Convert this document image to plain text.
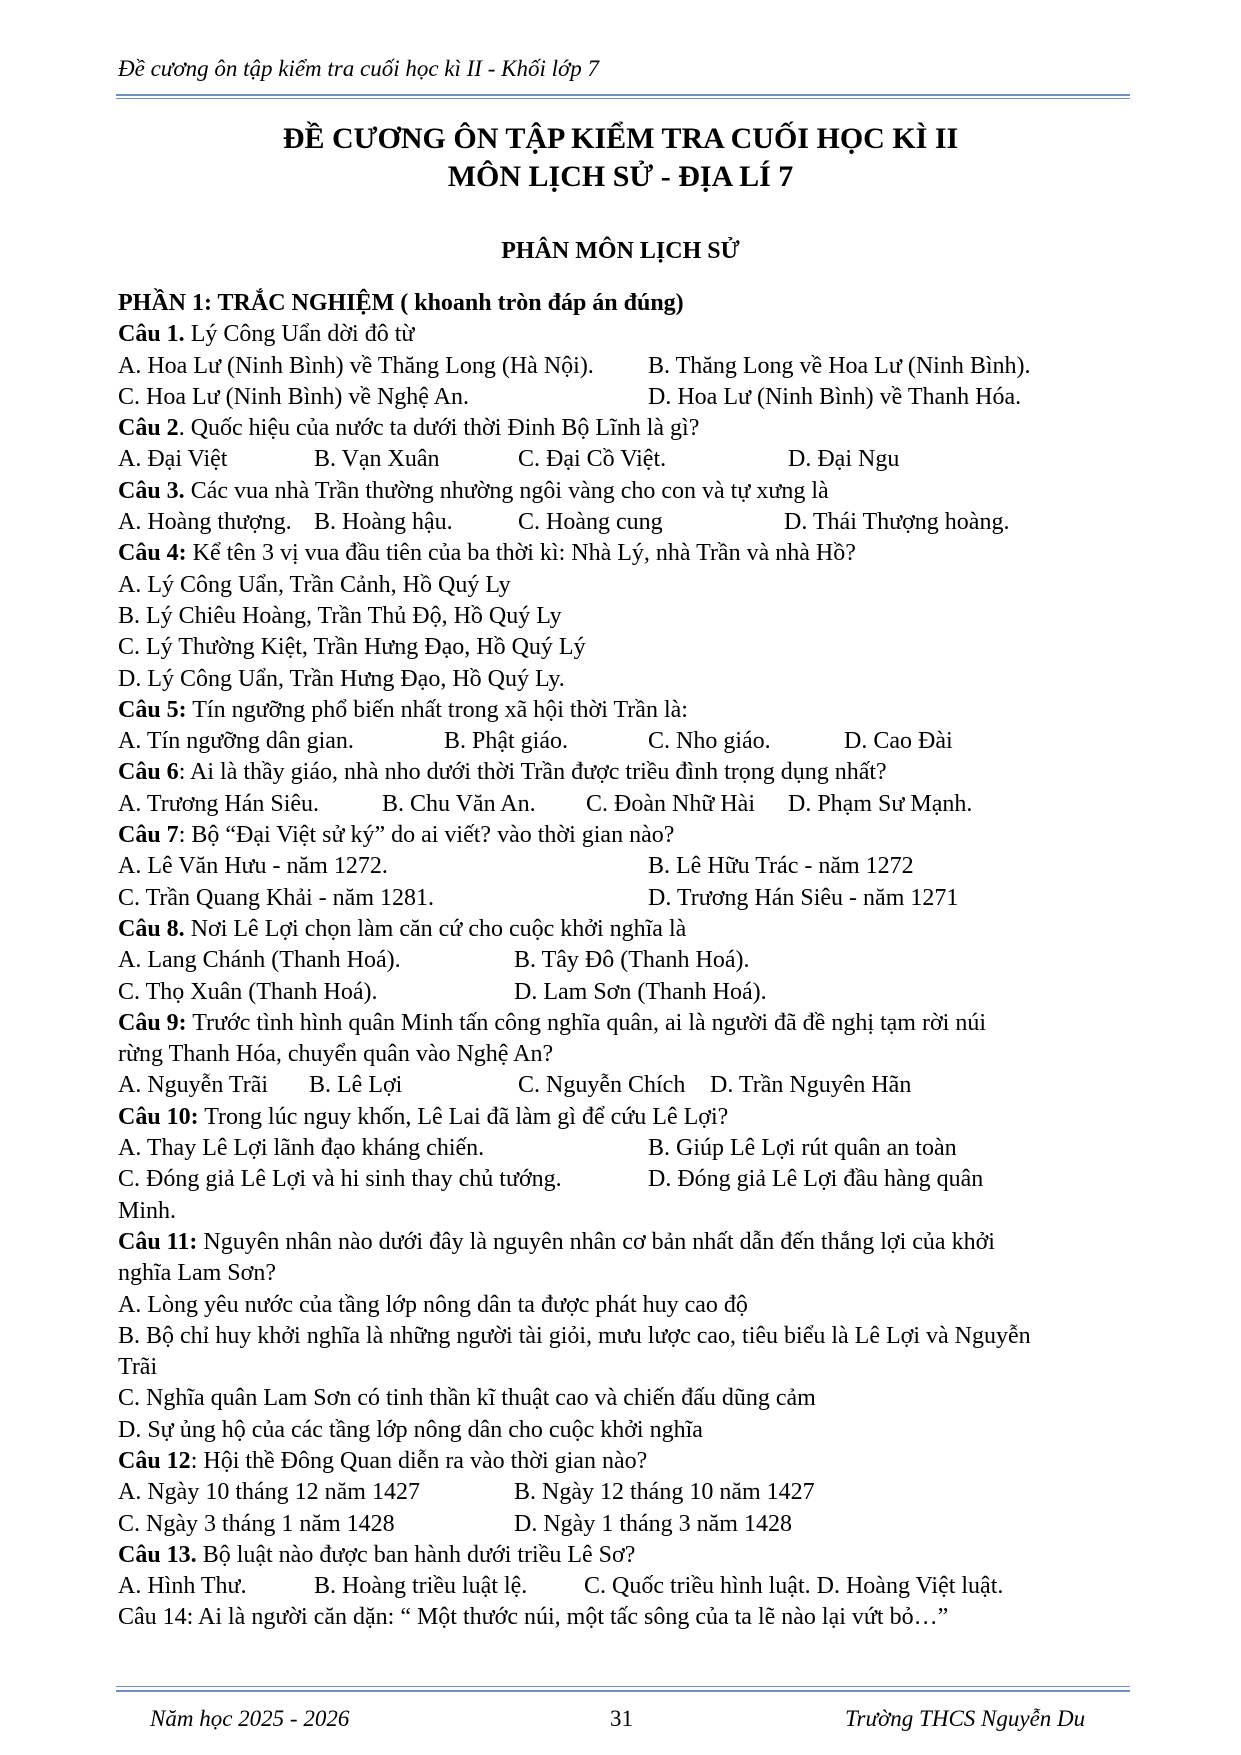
Đề cương ôn tập kiểm tra cuối học kì II - Khối lớp 7
ĐỀ CƯƠNG ÔN TẬP KIỂM TRA CUỐI HỌC KÌ II
MÔN LỊCH SỬ - ĐỊA LÍ 7
PHÂN MÔN LỊCH SỬ
PHẦN 1: TRẮC NGHIỆM ( khoanh tròn đáp án đúng)
Câu 1. Lý Công Uẩn dời đô từ
A. Hoa Lư (Ninh Bình) về Thăng Long (Hà Nội). B. Thăng Long về Hoa Lư (Ninh Bình).
C. Hoa Lư (Ninh Bình) về Nghệ An.	D. Hoa Lư (Ninh Bình) về Thanh Hóa.
Câu 2. Quốc hiệu của nước ta dưới thời Đinh Bộ Lĩnh là gì?
A. Đại Việt	B. Vạn Xuân	C. Đại Cồ Việt.	D. Đại Ngu
Câu 3. Các vua nhà Trần thường nhường ngôi vàng cho con và tự xưng là
A. Hoàng thượng. B. Hoàng hậu.	C. Hoàng cung	D. Thái Thượng hoàng.
Câu 4: Kể tên 3 vị vua đầu tiên của ba thời kì: Nhà Lý, nhà Trần và nhà Hồ?
A. Lý Công Uẩn, Trần Cảnh, Hồ Quý Ly
B. Lý Chiêu Hoàng, Trần Thủ Độ, Hồ Quý Ly
C. Lý Thường Kiệt, Trần Hưng Đạo, Hồ Quý Lý
D. Lý Công Uẩn, Trần Hưng Đạo, Hồ Quý Ly.
Câu 5: Tín ngưỡng phổ biến nhất trong xã hội thời Trần là:
A. Tín ngưỡng dân gian.	B. Phật giáo.	C. Nho giáo.	D. Cao Đài
Câu 6: Ai là thầy giáo, nhà nho dưới thời Trần được triều đình trọng dụng nhất?
A. Trương Hán Siêu.	B. Chu Văn An. C. Đoàn Nhữ Hài D. Phạm Sư Mạnh.
Câu 7: Bộ “Đại Việt sử ký” do ai viết? vào thời gian nào?
A. Lê Văn Hưu - năm 1272.	B. Lê Hữu Trác - năm 1272
C. Trần Quang Khải - năm 1281.	D. Trương Hán Siêu - năm 1271
Câu 8. Nơi Lê Lợi chọn làm căn cứ cho cuộc khởi nghĩa là
A. Lang Chánh (Thanh Hoá).	B. Tây Đô (Thanh Hoá).
C. Thọ Xuân (Thanh Hoá).	D. Lam Sơn (Thanh Hoá).
Câu 9: Trước tình hình quân Minh tấn công nghĩa quân, ai là người đã đề nghị tạm rời núi
rừng Thanh Hóa, chuyển quân vào Nghệ An?
A. Nguyễn Trãi B. Lê Lợi	C. Nguyễn Chích D. Trần Nguyên Hãn
Câu 10: Trong lúc nguy khốn, Lê Lai đã làm gì để cứu Lê Lợi?
A. Thay Lê Lợi lãnh đạo kháng chiến.	B. Giúp Lê Lợi rút quân an toàn
C. Đóng giả Lê Lợi và hi sinh thay chủ tướng.	D. Đóng giả Lê Lợi đầu hàng quân
Minh.
Câu 11: Nguyên nhân nào dưới đây là nguyên nhân cơ bản nhất dẫn đến thắng lợi của khởi
nghĩa Lam Sơn?
A. Lòng yêu nước của tầng lớp nông dân ta được phát huy cao độ
B. Bộ chỉ huy khởi nghĩa là những người tài giỏi, mưu lược cao, tiêu biểu là Lê Lợi và Nguyễn
Trãi
C. Nghĩa quân Lam Sơn có tinh thần kĩ thuật cao và chiến đấu dũng cảm
D. Sự ủng hộ của các tầng lớp nông dân cho cuộc khởi nghĩa
Câu 12: Hội thề Đông Quan diễn ra vào thời gian nào?
A. Ngày 10 tháng 12 năm 1427	B. Ngày 12 tháng 10 năm 1427
C. Ngày 3 tháng 1 năm 1428	D. Ngày 1 tháng 3 năm 1428
Câu 13. Bộ luật nào được ban hành dưới triều Lê Sơ?
A. Hình Thư.	B. Hoàng triều luật lệ. C. Quốc triều hình luật. D. Hoàng Việt luật.
Câu 14: Ai là người căn dặn: “ Một thước núi, một tấc sông của ta lẽ nào lại vứt bỏ…”
Năm học 2025 - 2026	31	Trường THCS Nguyễn Du
